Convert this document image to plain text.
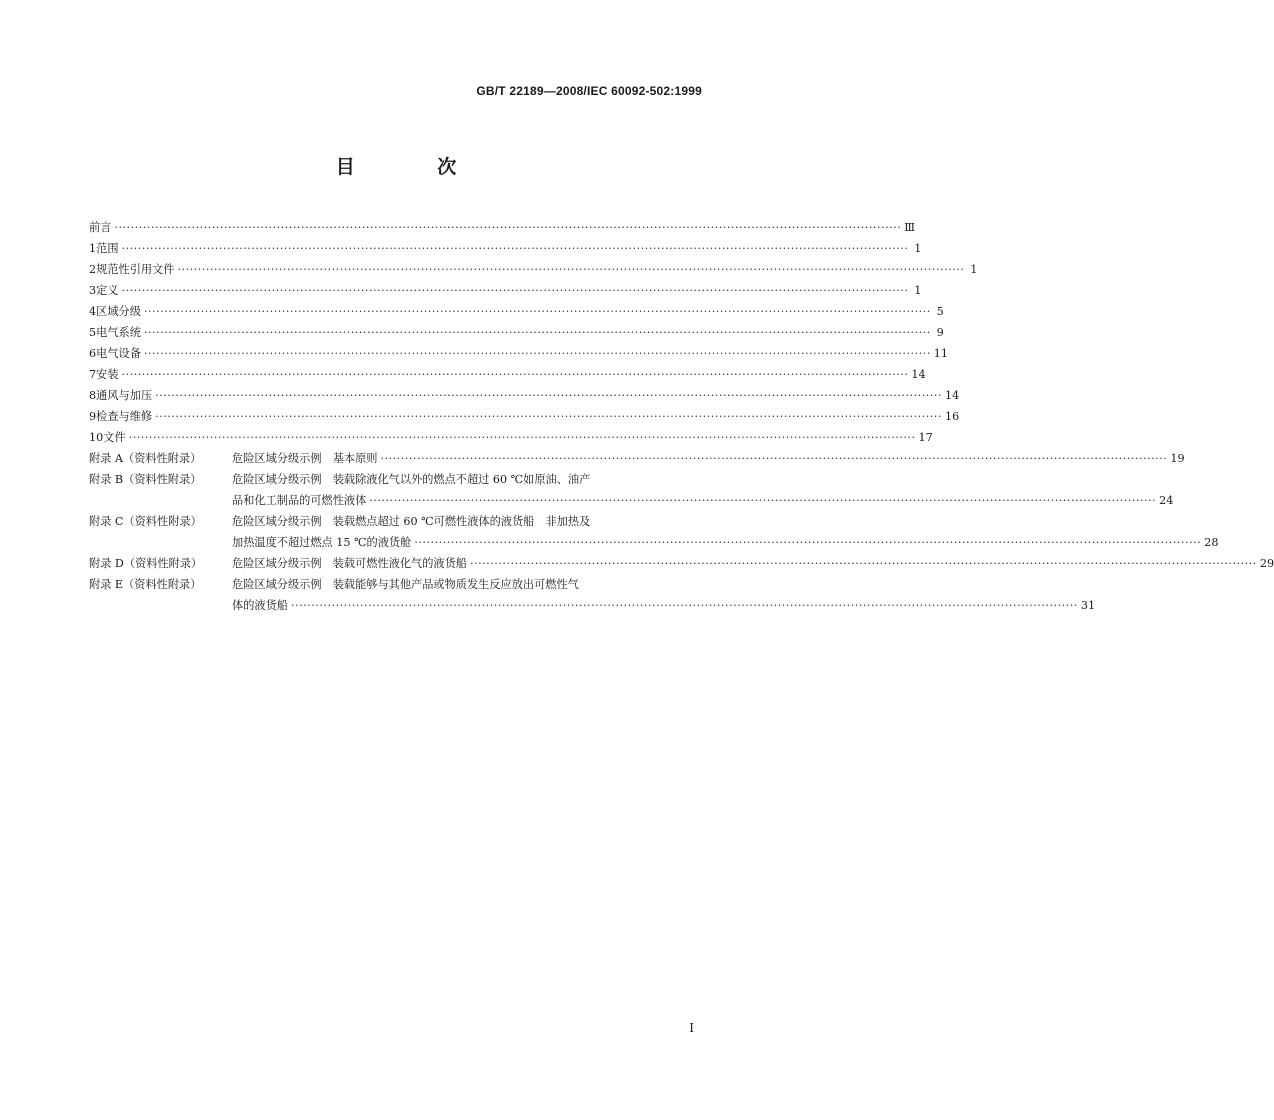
GB/T 22189—2008/IEC 60092-502:1999
目 次
前言 ·····	Ⅲ
1 范围 ·····	1
2 规范性引用文件 ·····	1
3 定义 ·····	1
4 区域分级 ·····	5
5 电气系统 ·····	9
6 电气设备 ·····	11
7 安装 ·····	14
8 通风与加压 ·····	14
9 检查与维修 ·····	16
10 文件 ·····	17
附录 A（资料性附录）	危险区域分级示例　基本原则 ·····	19
附录 B（资料性附录）	危险区域分级示例　装载除液化气以外的燃点不超过 60 ℃如原油、油产
品和化工制品的可燃性液体 ·····	24
附录 C（资料性附录）	危险区域分级示例　装载燃点超过 60 ℃可燃性液体的液货船　非加热及
加热温度不超过燃点 15 ℃的液货舱 ·····	28
附录 D（资料性附录）	危险区域分级示例　装载可燃性液化气的液货船 ·····	29
附录 E（资料性附录）	危险区域分级示例　装载能够与其他产品或物质发生反应放出可燃性气
体的液货船 ·····	31
I
